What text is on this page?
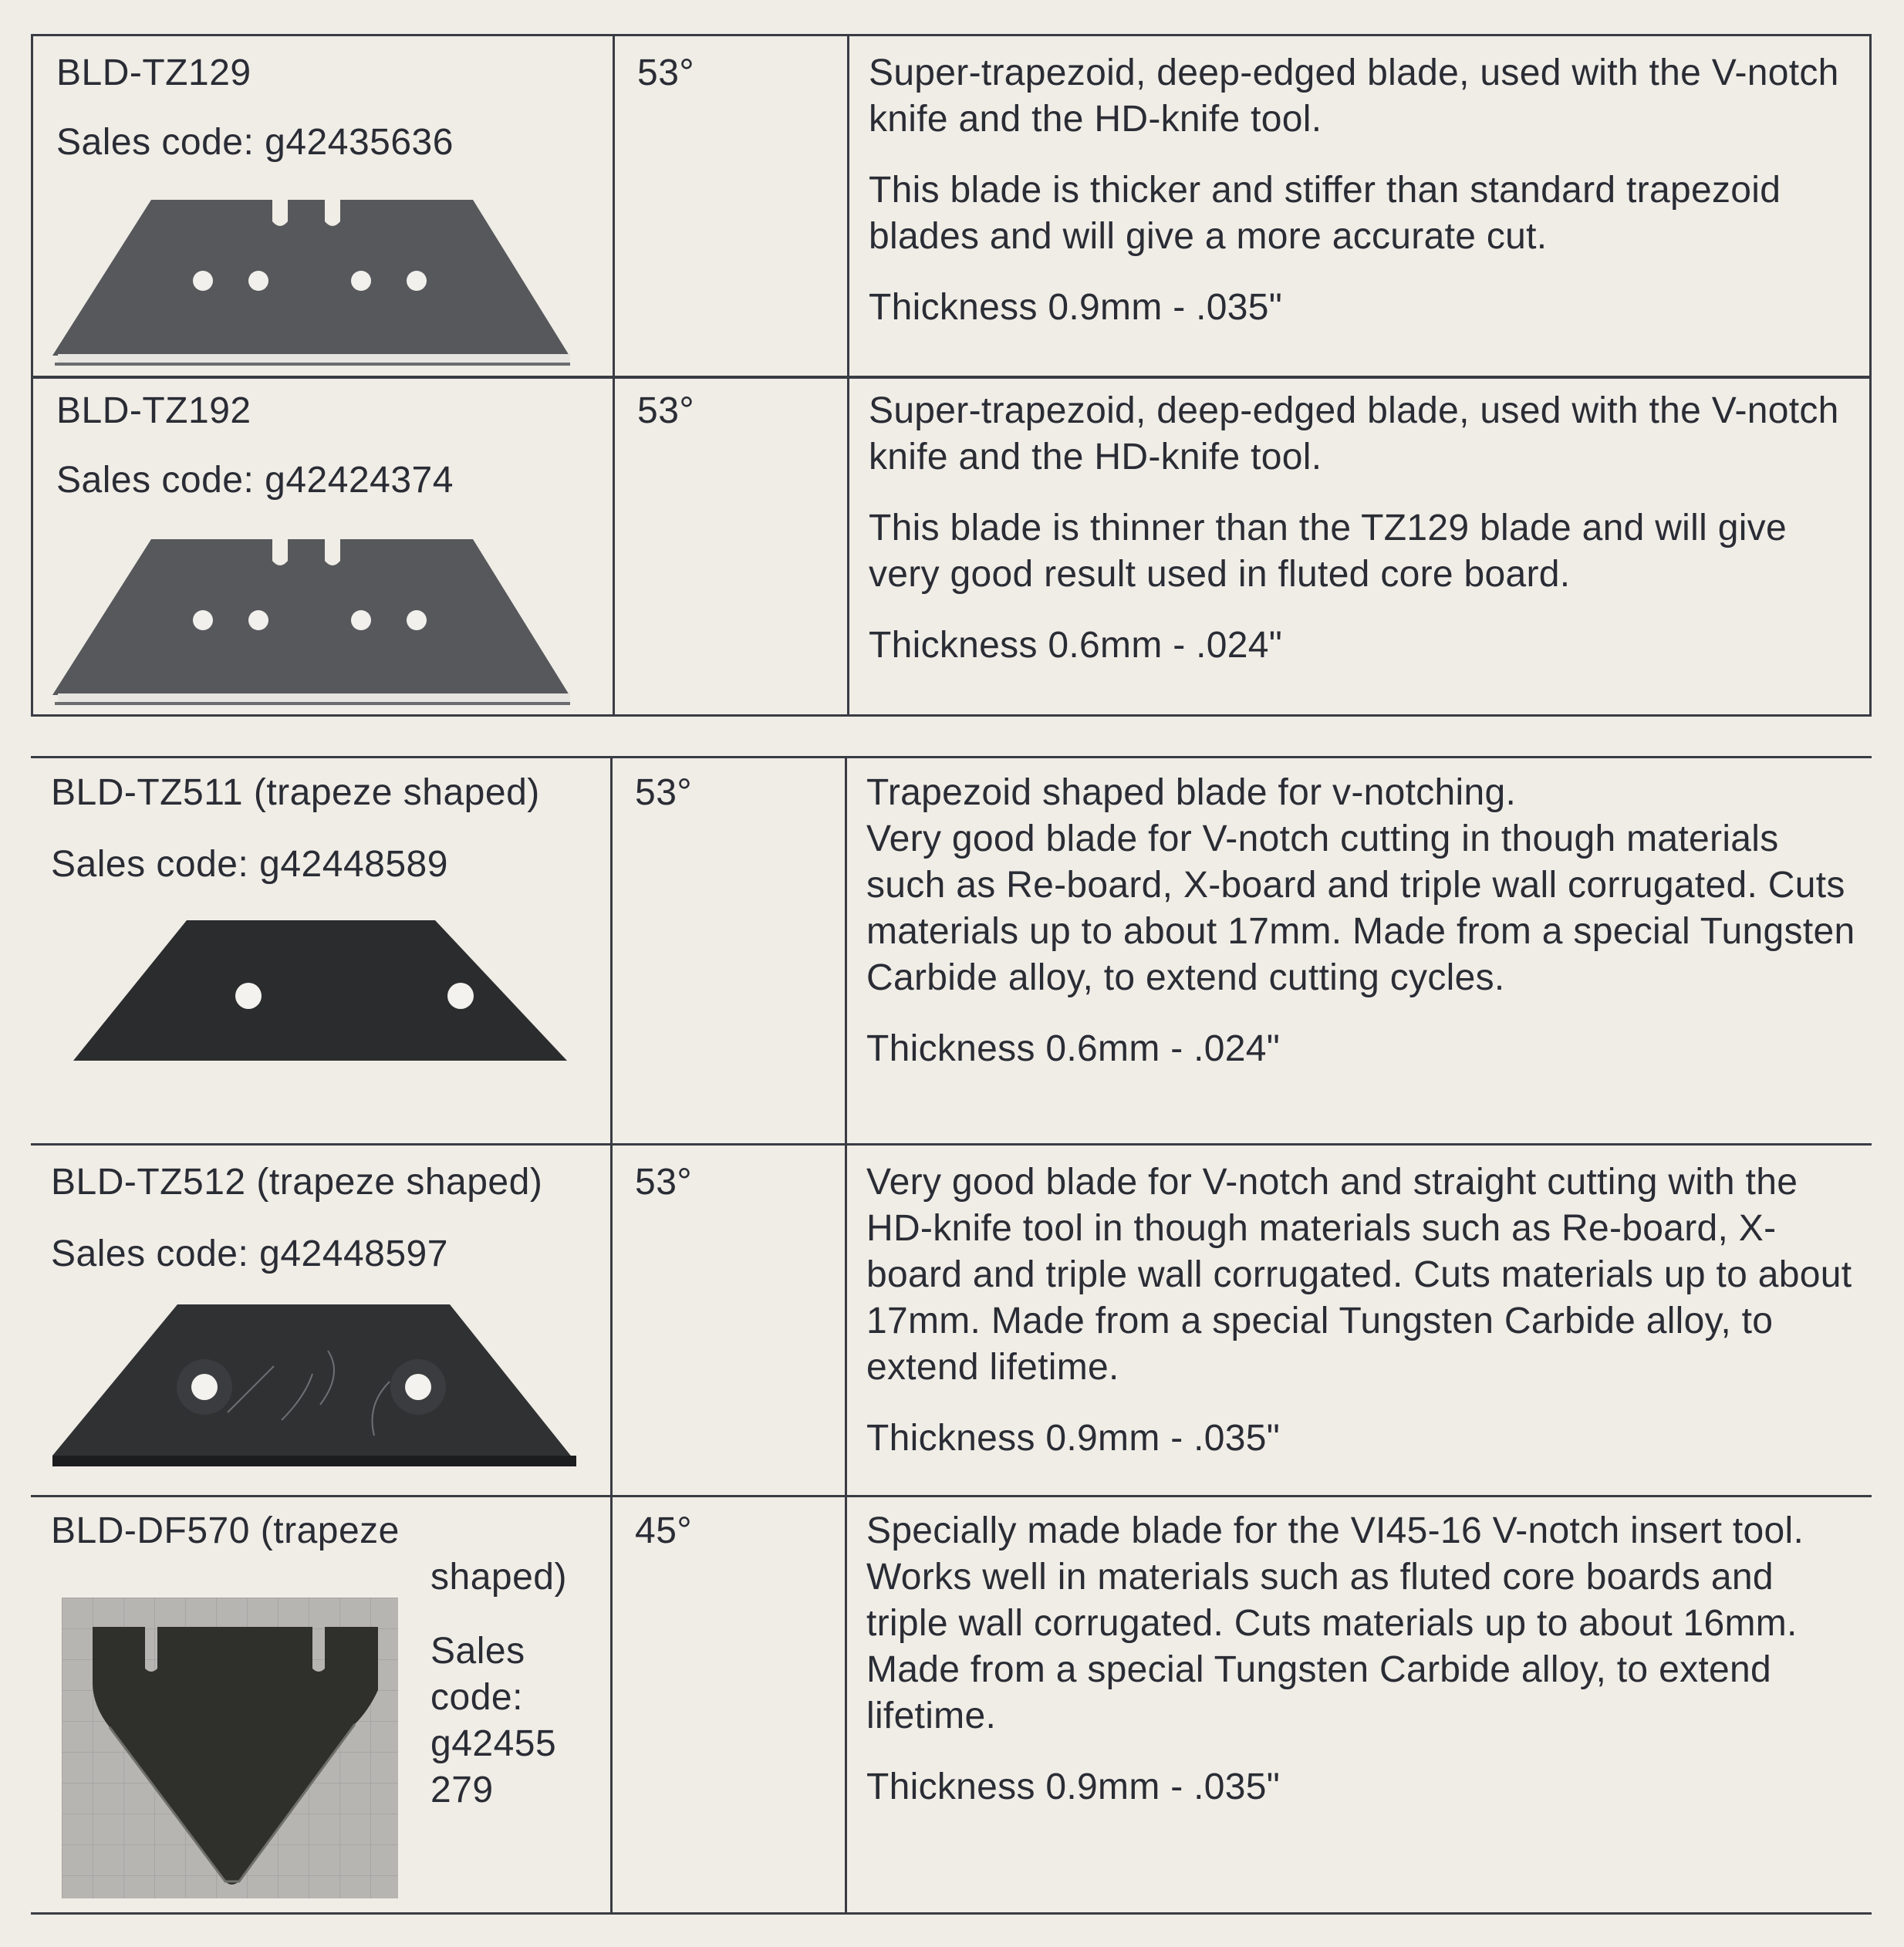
BLD-TZ129

Sales code: g42435636

53°	Super-trapezoid, deep-edged blade, used with the V-notch knife and the HD-knife tool.

This blade is thicker and stiffer than standard trapezoid blades and will give a more accurate cut.

Thickness 0.9mm - .035"

BLD-TZ192

Sales code: g42424374

53°	Super-trapezoid, deep-edged blade, used with the V-notch knife and the HD-knife tool.

This blade is thinner than the TZ129 blade and will give very good result used in fluted core board.

Thickness 0.6mm - .024"

BLD-TZ511 (trapeze shaped)

Sales code: g42448589

53°	Trapezoid shaped blade for v-notching.
Very good blade for V-notch cutting in though materials such as Re-board, X-board and triple wall corrugated. Cuts materials up to about 17mm. Made from a special Tungsten Carbide alloy, to extend cutting cycles.

Thickness 0.6mm - .024"

BLD-TZ512 (trapeze shaped)

Sales code: g42448597

53°	Very good blade for V-notch and straight cutting with the HD-knife tool in though materials such as Re-board, X-board and triple wall corrugated. Cuts materials up to about 17mm. Made from a special Tungsten Carbide alloy, to extend lifetime.

Thickness 0.9mm - .035"

BLD-DF570 (trapeze
shaped)

Sales

code:

g42455

279

45°	Specially made blade for the VI45-16 V-notch insert tool. Works well in materials such as fluted core boards and triple wall corrugated. Cuts materials up to about 16mm. Made from a special Tungsten Carbide alloy, to extend lifetime.

Thickness 0.9mm - .035"
